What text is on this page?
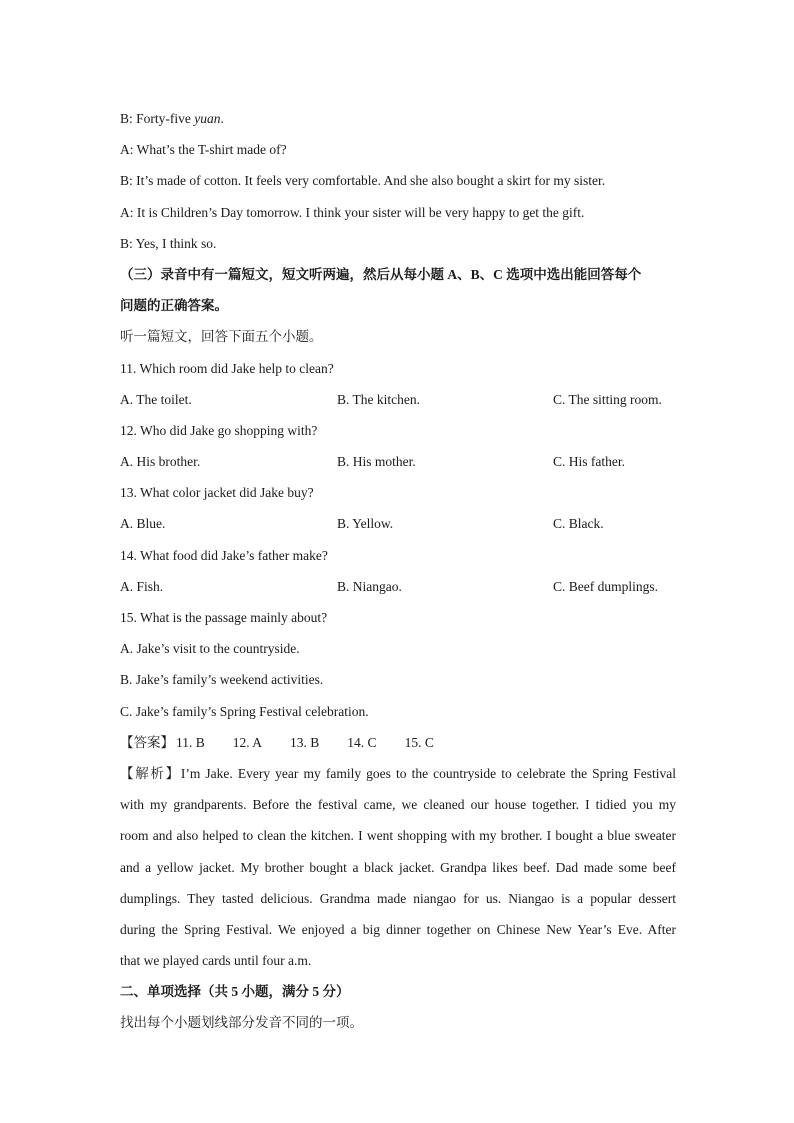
B: Forty-five yuan.
A: What’s the T-shirt made of?
B: It’s made of cotton. It feels very comfortable. And she also bought a skirt for my sister.
A: It is Children’s Day tomorrow. I think your sister will be very happy to get the gift.
B: Yes, I think so.
（三）录音中有一篇短文，短文听两遍，然后从每小题 A、B、C 选项中选出能回答每个
问题的正确答案。
听一篇短文，回答下面五个小题。
11. Which room did Jake help to clean?
A. The toilet.	B. The kitchen.	C. The sitting room.
12. Who did Jake go shopping with?
A. His brother.	B. His mother.	C. His father.
13. What color jacket did Jake buy?
A. Blue.	B. Yellow.	C. Black.
14. What food did Jake’s father make?
A. Fish.	B. Niangao.	C. Beef dumplings.
15. What is the passage mainly about?
A. Jake’s visit to the countryside.
B. Jake’s family’s weekend activities.
C. Jake’s family’s Spring Festival celebration.
【答案】 11. B 12. A 13. B 14. C 15. C
【解析】I’m Jake. Every year my family goes to the countryside to celebrate the Spring Festival
with my grandparents. Before the festival came, we cleaned our house together. I tidied you my
room and also helped to clean the kitchen. I went shopping with my brother. I bought a blue sweater
and a yellow jacket. My brother bought a black jacket. Grandpa likes beef. Dad made some beef
dumplings. They tasted delicious. Grandma made niangao for us. Niangao is a popular dessert
during the Spring Festival. We enjoyed a big dinner together on Chinese New Year’s Eve. After
that we played cards until four a.m.
二、单项选择（共 5 小题，满分 5 分）
找出每个小题划线部分发音不同的一项。
